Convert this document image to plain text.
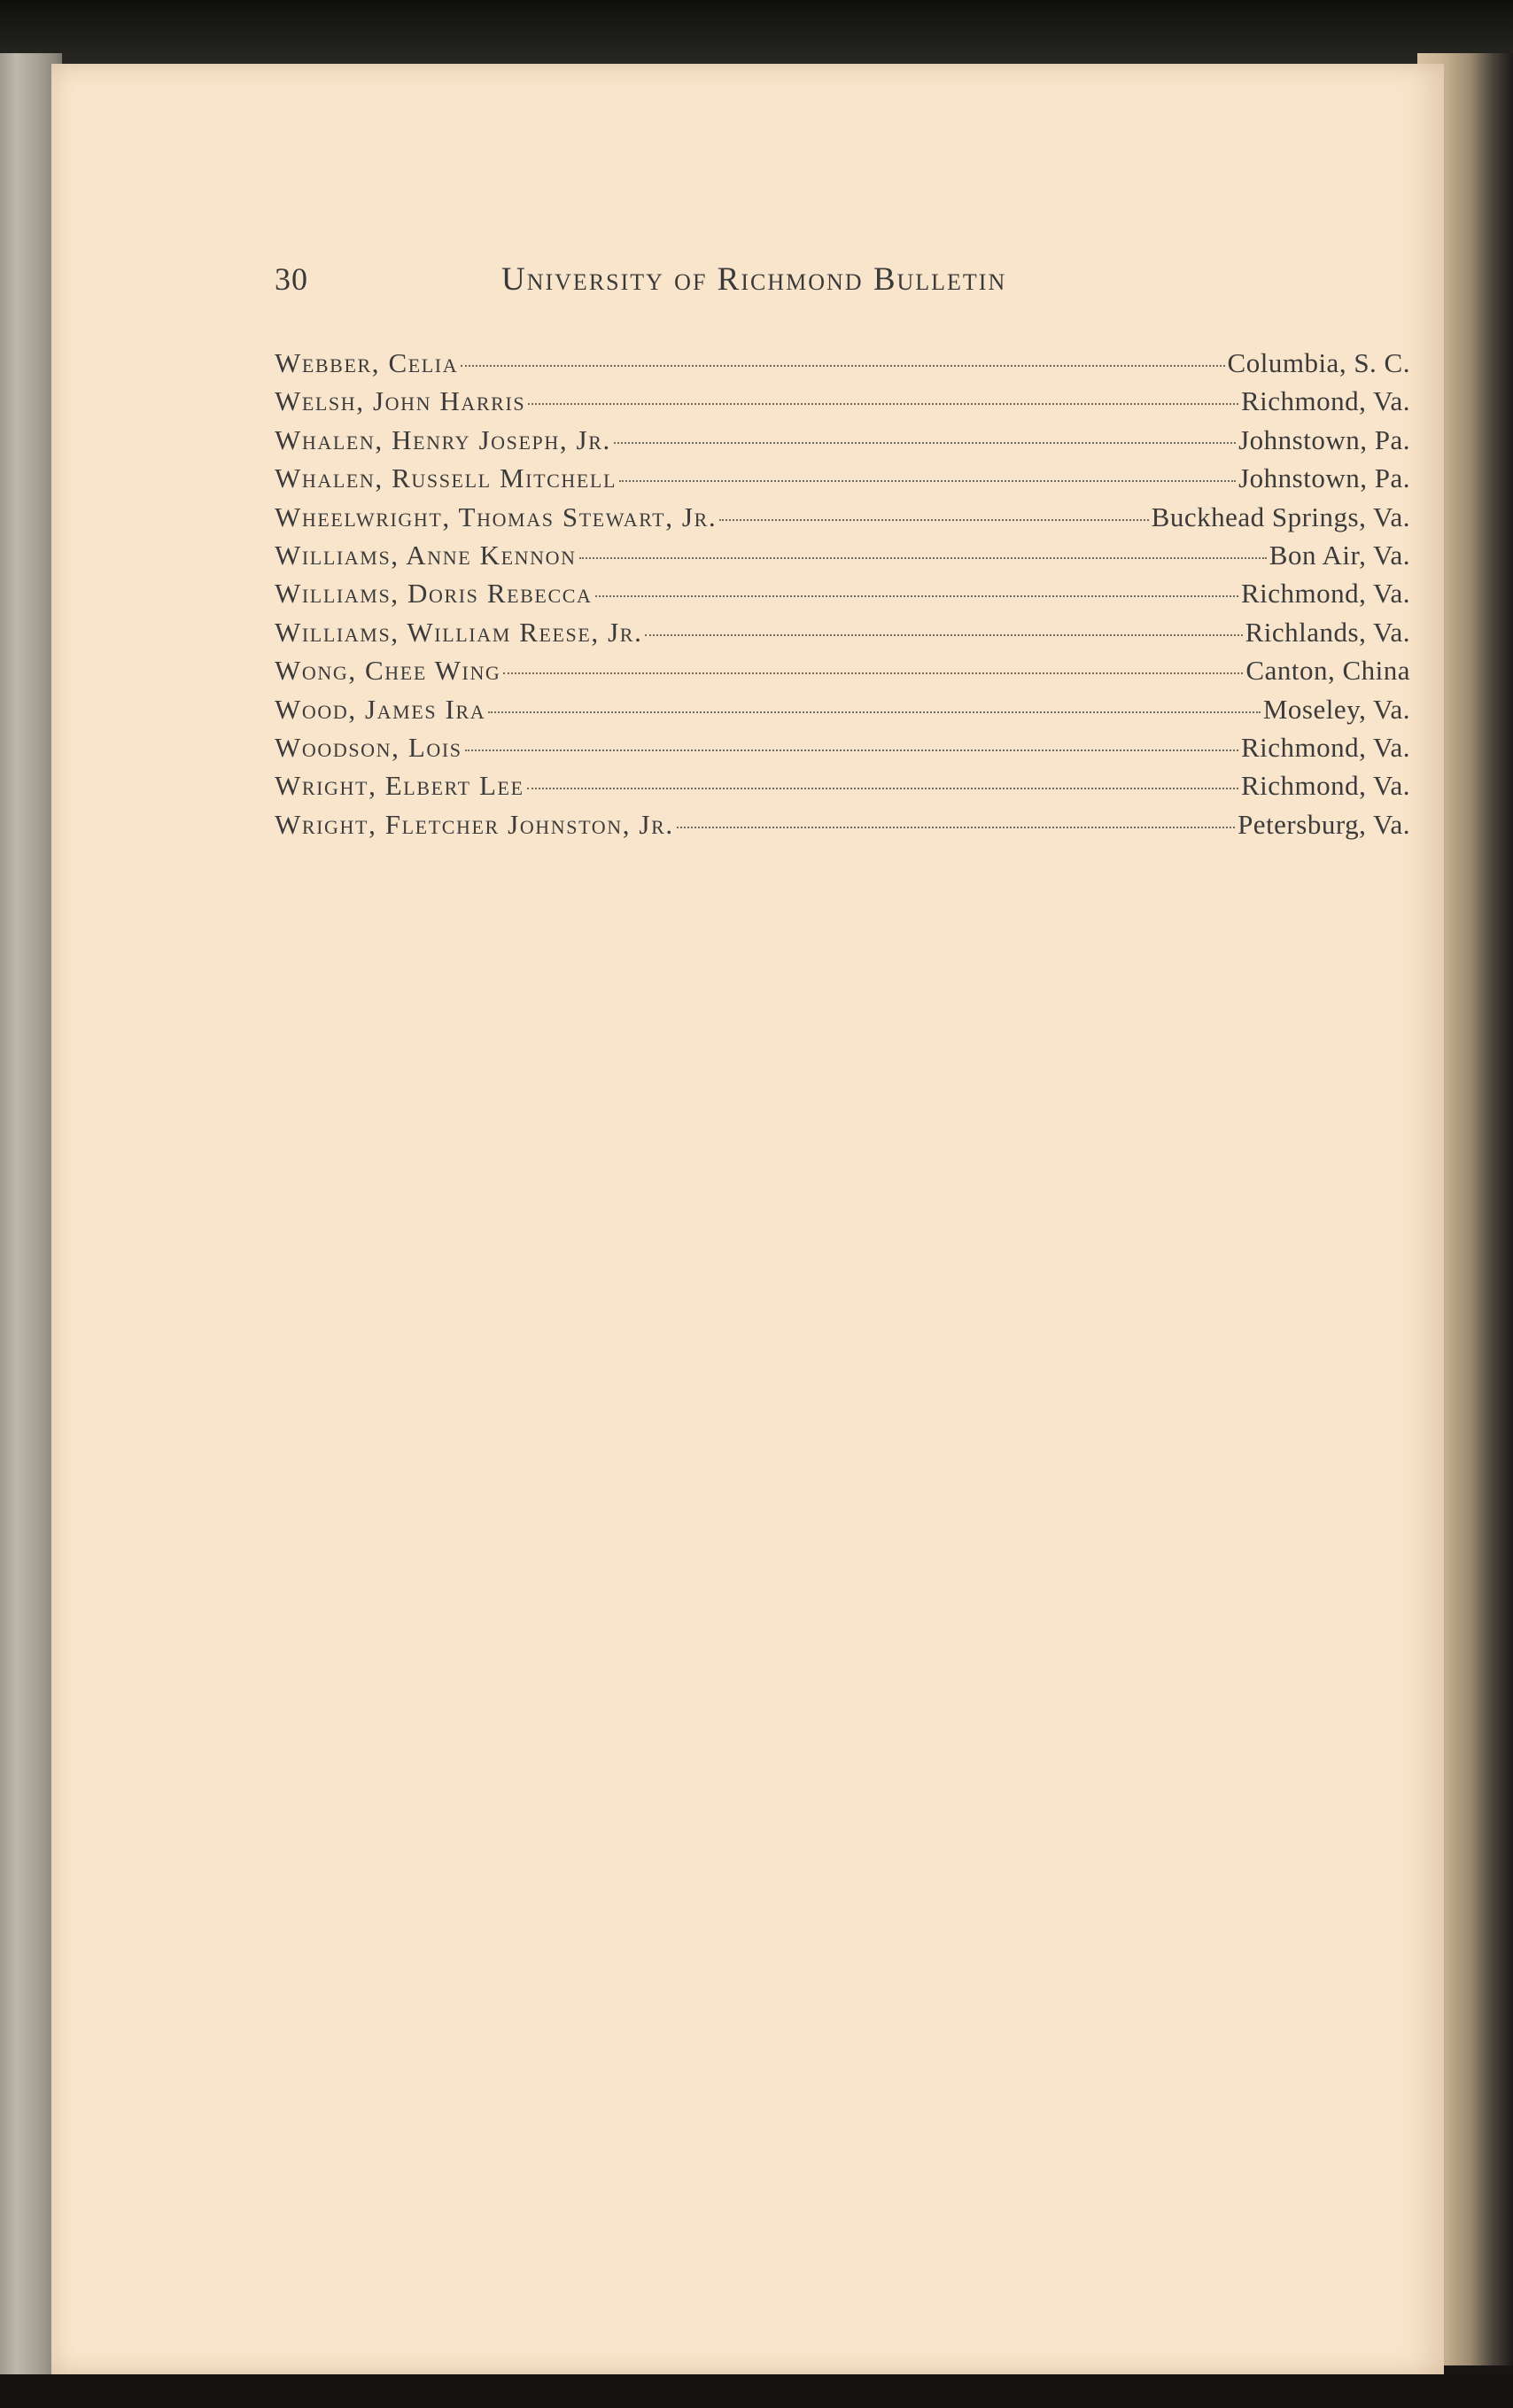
30	University of Richmond Bulletin
Webber, Celia	Columbia, S. C.
Welsh, John Harris	Richmond, Va.
Whalen, Henry Joseph, Jr.	Johnstown, Pa.
Whalen, Russell Mitchell	Johnstown, Pa.
Wheelwright, Thomas Stewart, Jr.	Buckhead Springs, Va.
Williams, Anne Kennon	Bon Air, Va.
Williams, Doris Rebecca	Richmond, Va.
Williams, William Reese, Jr.	Richlands, Va.
Wong, Chee Wing	Canton, China
Wood, James Ira	Moseley, Va.
Woodson, Lois	Richmond, Va.
Wright, Elbert Lee	Richmond, Va.
Wright, Fletcher Johnston, Jr.	Petersburg, Va.
